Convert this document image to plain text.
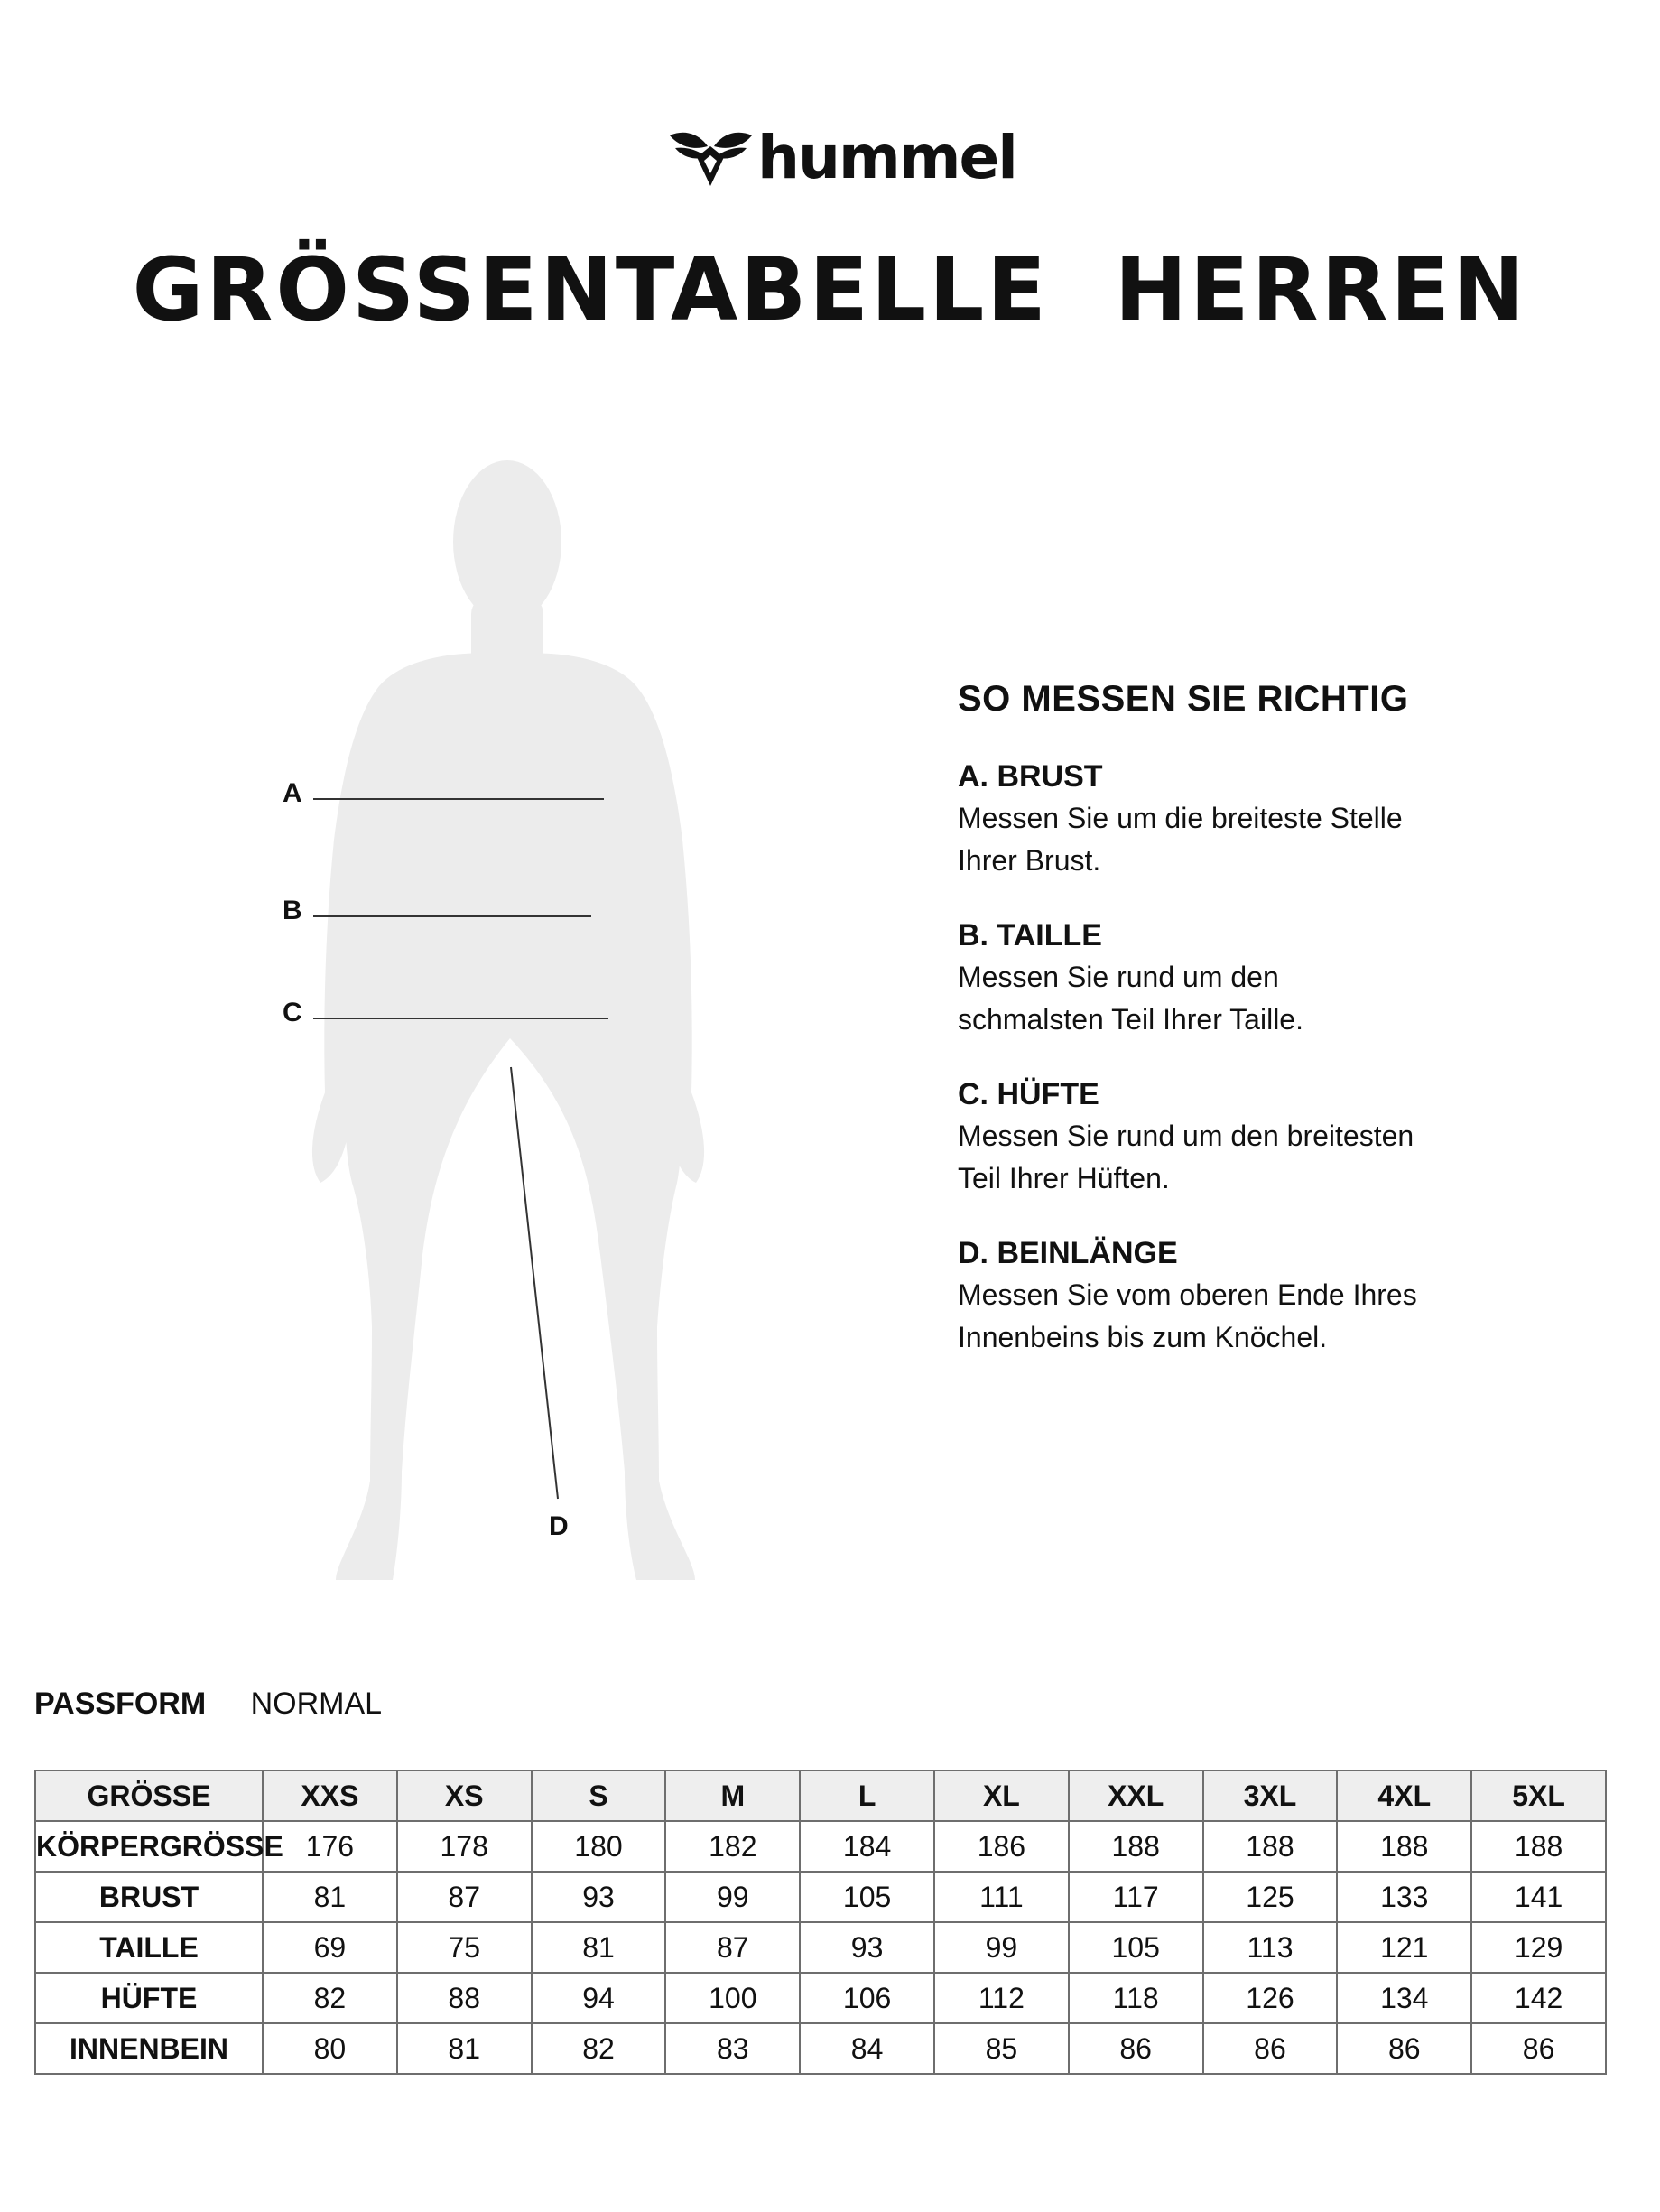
hummel
GRÖSSENTABELLE  HERREN
A
B
C
D
SO MESSEN SIE RICHTIG
A. BRUST
Messen Sie um die breiteste Stelle Ihrer Brust.
B. TAILLE
Messen Sie rund um den schmalsten Teil Ihrer Taille.
C. HÜFTE
Messen Sie rund um den breitesten Teil Ihrer Hüften.
D. BEINLÄNGE
Messen Sie vom oberen Ende Ihres Innenbeins bis zum Knöchel.
PASSFORM NORMAL
GRÖSSE	XXS	XS	S	M	L	XL	XXL	3XL	4XL	5XL
KÖRPERGRÖSSE	176	178	180	182	184	186	188	188	188	188
BRUST	81	87	93	99	105	111	117	125	133	141
TAILLE	69	75	81	87	93	99	105	113	121	129
HÜFTE	82	88	94	100	106	112	118	126	134	142
INNENBEIN	80	81	82	83	84	85	86	86	86	86
